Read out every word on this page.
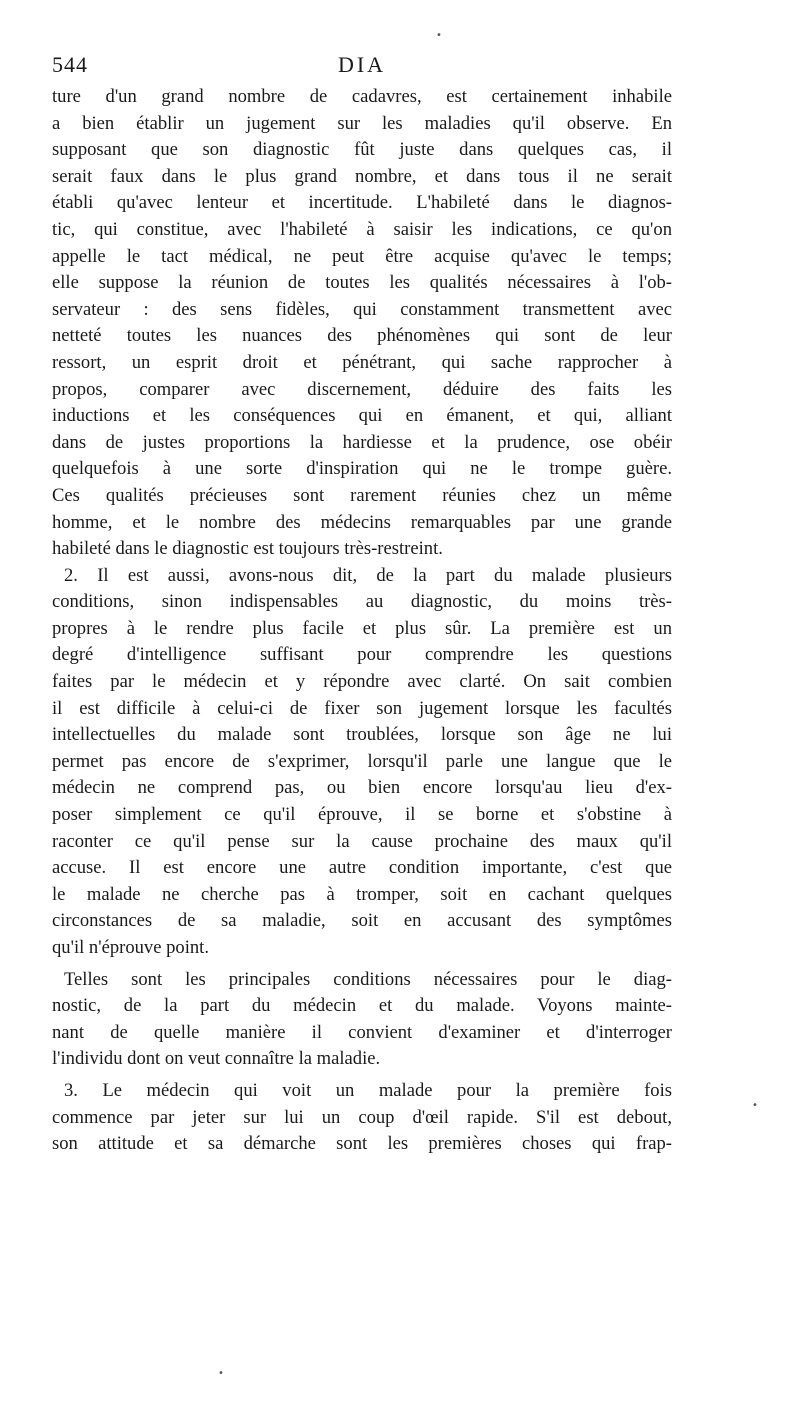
544	DIA

ture d'un grand nombre de cadavres, est certainement inhabile

a bien établir un jugement sur les maladies qu'il observe. En

supposant que son diagnostic fût juste dans quelques cas, il

serait faux dans le plus grand nombre, et dans tous il ne serait

établi qu'avec lenteur et incertitude. L'habileté dans le diagnos-

tic, qui constitue, avec l'habileté à saisir les indications, ce qu'on

appelle le tact médical, ne peut être acquise qu'avec le temps;

elle suppose la réunion de toutes les qualités nécessaires à l'ob-

servateur : des sens fidèles, qui constamment transmettent avec

netteté toutes les nuances des phénomènes qui sont de leur

ressort, un esprit droit et pénétrant, qui sache rapprocher à

propos, comparer avec discernement, déduire des faits les

inductions et les conséquences qui en émanent, et qui, alliant

dans de justes proportions la hardiesse et la prudence, ose obéir

quelquefois à une sorte d'inspiration qui ne le trompe guère.

Ces qualités précieuses sont rarement réunies chez un même

homme, et le nombre des médecins remarquables par une grande

habileté dans le diagnostic est toujours très-restreint.

2. Il est aussi, avons-nous dit, de la part du malade plusieurs

conditions, sinon indispensables au diagnostic, du moins très-

propres à le rendre plus facile et plus sûr. La première est un

degré d'intelligence suffisant pour comprendre les questions

faites par le médecin et y répondre avec clarté. On sait combien

il est difficile à celui-ci de fixer son jugement lorsque les facultés

intellectuelles du malade sont troublées, lorsque son âge ne lui

permet pas encore de s'exprimer, lorsqu'il parle une langue que le

médecin ne comprend pas, ou bien encore lorsqu'au lieu d'ex-

poser simplement ce qu'il éprouve, il se borne et s'obstine à

raconter ce qu'il pense sur la cause prochaine des maux qu'il

accuse. Il est encore une autre condition importante, c'est que

le malade ne cherche pas à tromper, soit en cachant quelques

circonstances de sa maladie, soit en accusant des symptômes

qu'il n'éprouve point.

Telles sont les principales conditions nécessaires pour le diag-

nostic, de la part du médecin et du malade. Voyons mainte-

nant de quelle manière il convient d'examiner et d'interroger

l'individu dont on veut connaître la maladie.

3. Le médecin qui voit un malade pour la première fois

commence par jeter sur lui un coup d'œil rapide. S'il est debout,

son attitude et sa démarche sont les premières choses qui frap-

•
•
•
